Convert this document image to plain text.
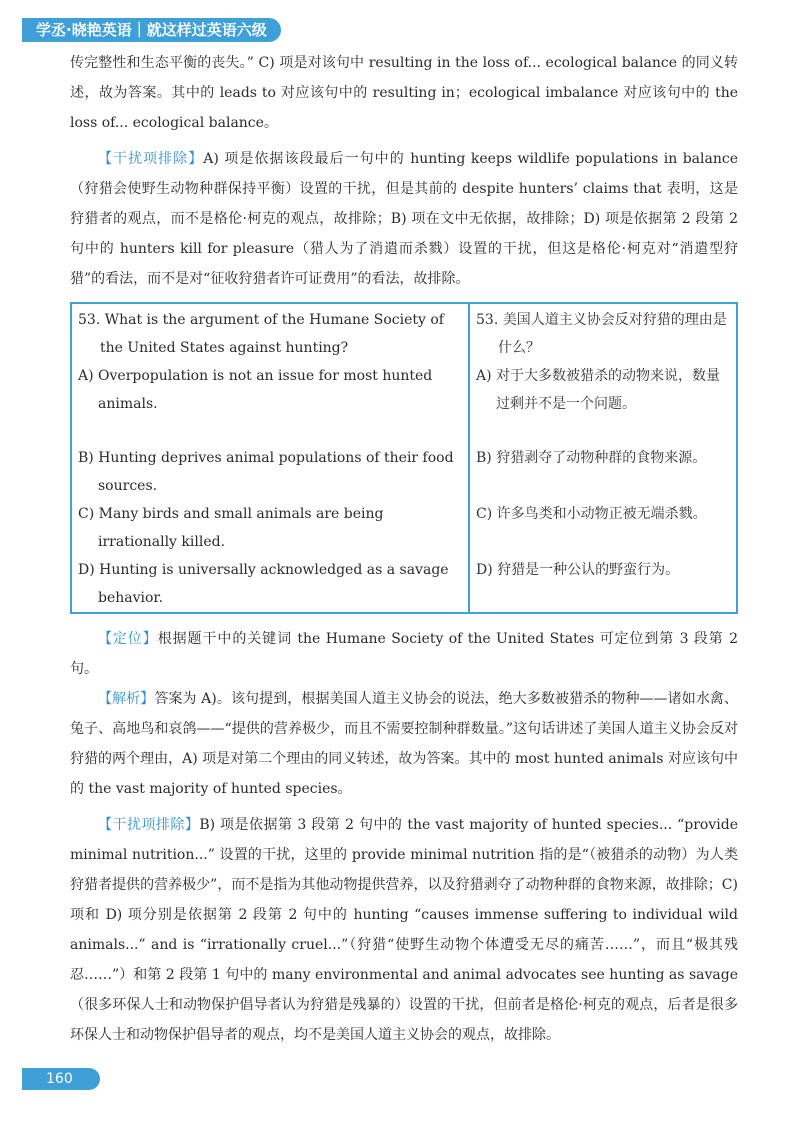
学丞·晓艳英语｜就这样过英语六级

传完整性和生态平衡的丧失。” C) 项是对该句中 resulting in the loss of... ecological balance 的同义转述，故为答案。其中的 leads to 对应该句中的 resulting in；ecological imbalance 对应该句中的 the loss of... ecological balance。

【干扰项排除】A) 项是依据该段最后一句中的 hunting keeps wildlife populations in balance（狩猎会使野生动物种群保持平衡）设置的干扰，但是其前的 despite hunters’ claims that 表明，这是狩猎者的观点，而不是格伦·柯克的观点，故排除；B) 项在文中无依据，故排除；D) 项是依据第 2 段第 2 句中的 hunters kill for pleasure（猎人为了消遣而杀戮）设置的干扰，但这是格伦·柯克对“消遣型狩猎”的看法，而不是对“征收狩猎者许可证费用”的看法，故排除。

53. What is the argument of the Humane Society of the United States against hunting?	53. 美国人道主义协会反对狩猎的理由是什么？

A) Overpopulation is not an issue for most hunted animals.	A) 对于大多数被猎杀的动物来说，数量过剩并不是一个问题。

B) Hunting deprives animal populations of their food sources.	B) 狩猎剥夺了动物种群的食物来源。

C) Many birds and small animals are being irrationally killed.	C) 许多鸟类和小动物正被无端杀戮。

D) Hunting is universally acknowledged as a savage behavior.	D) 狩猎是一种公认的野蛮行为。

【定位】根据题干中的关键词 the Humane Society of the United States 可定位到第 3 段第 2 句。

【解析】答案为 A)。该句提到，根据美国人道主义协会的说法，绝大多数被猎杀的物种——诸如水禽、兔子、高地鸟和哀鸽——“提供的营养极少，而且不需要控制种群数量。”这句话讲述了美国人道主义协会反对狩猎的两个理由，A) 项是对第二个理由的同义转述，故为答案。其中的 most hunted animals 对应该句中的 the vast majority of hunted species。

【干扰项排除】B) 项是依据第 3 段第 2 句中的 the vast majority of hunted species... “provide minimal nutrition...” 设置的干扰，这里的 provide minimal nutrition 指的是“（被猎杀的动物）为人类狩猎者提供的营养极少”，而不是指为其他动物提供营养，以及狩猎剥夺了动物种群的食物来源，故排除；C) 项和 D) 项分别是依据第 2 段第 2 句中的 hunting “causes immense suffering to individual wild animals...” and is “irrationally cruel...”（狩猎“使野生动物个体遭受无尽的痛苦……”，而且“极其残忍……”）和第 2 段第 1 句中的 many environmental and animal advocates see hunting as savage（很多环保人士和动物保护倡导者认为狩猎是残暴的）设置的干扰，但前者是格伦·柯克的观点，后者是很多环保人士和动物保护倡导者的观点，均不是美国人道主义协会的观点，故排除。

160
